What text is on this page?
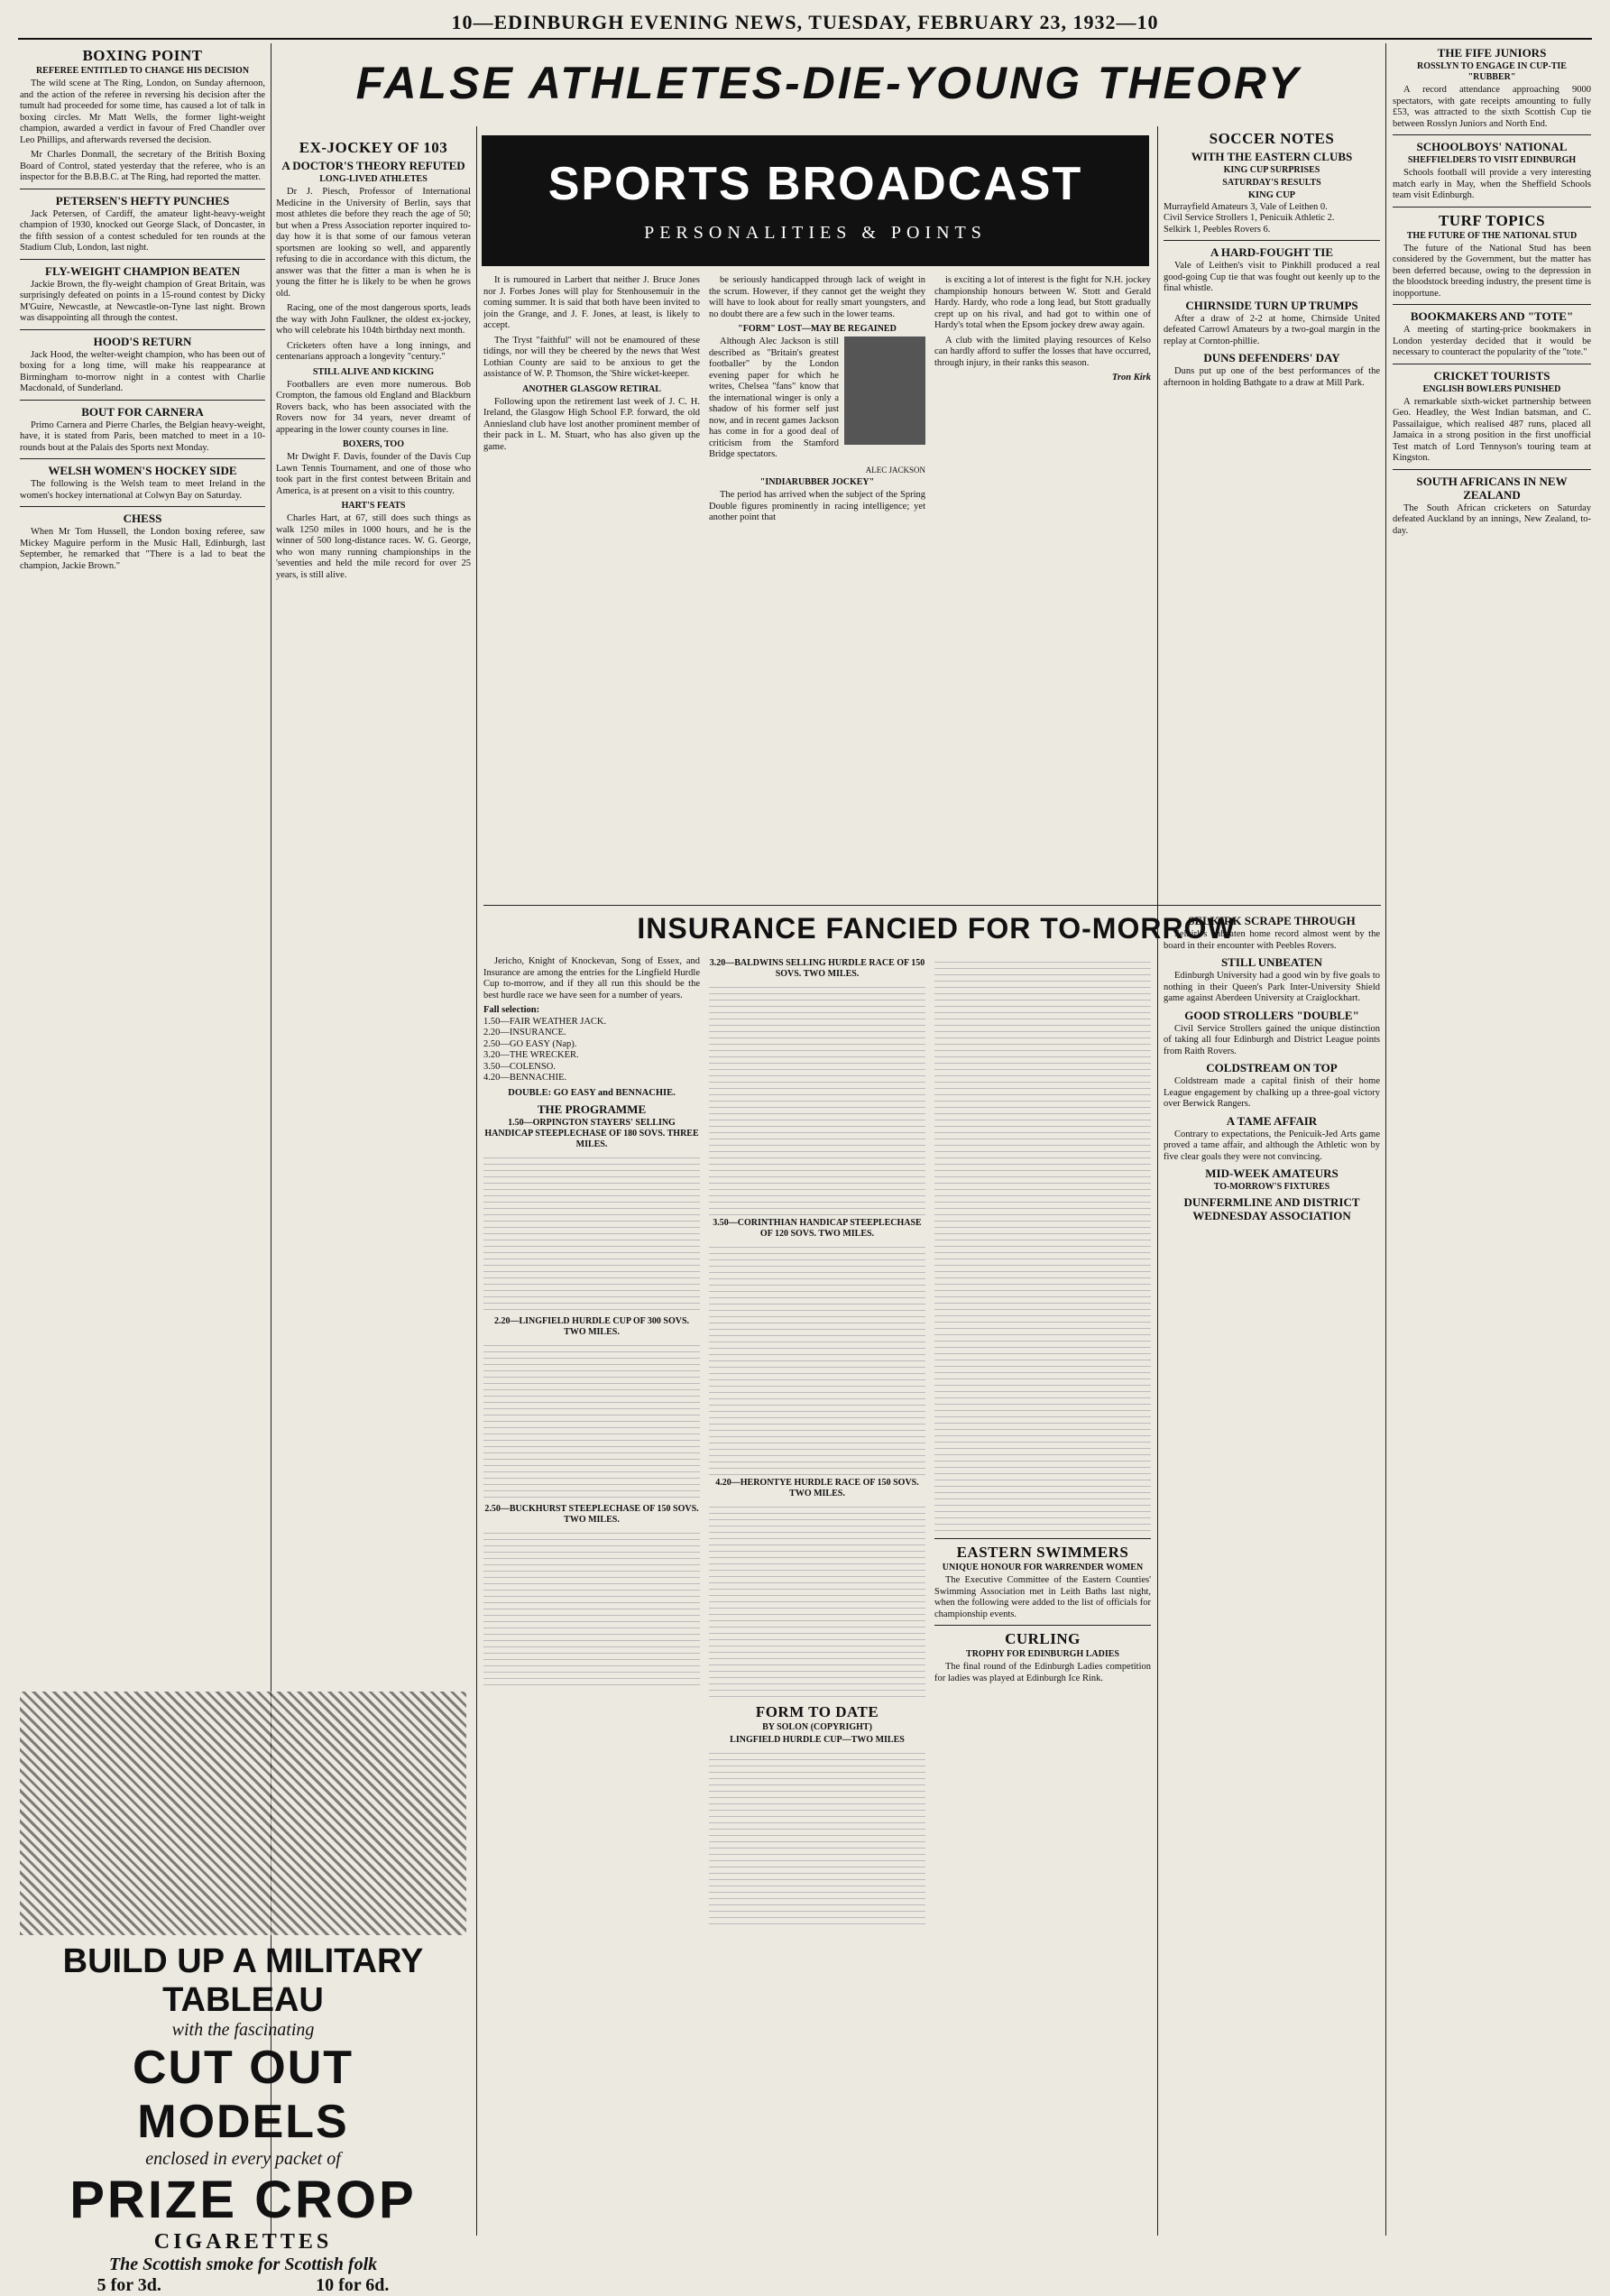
10—EDINBURGH EVENING NEWS, TUESDAY, FEBRUARY 23, 1932—10
FALSE ATHLETES-DIE-YOUNG THEORY
SPORTS BROADCAST
PERSONALITIES & POINTS
BOXING POINT
REFEREE ENTITLED TO CHANGE HIS DECISION

The wild scene at The Ring, London, on Sunday afternoon, and the action of the referee in reversing his decision after the tumult had proceeded for some time, has caused a lot of talk in boxing circles. Mr Matt Wells, the former light-weight champion, awarded a verdict in favour of Fred Chandler over Leo Phillips, and afterwards reversed the decision.

Mr Charles Donmall, the secretary of the British Boxing Board of Control, stated yesterday that the referee, who is an inspector for the B.B.B.C. at The Ring, had reported the matter.

PETERSEN'S HEFTY PUNCHES

Jack Petersen, of Cardiff, the amateur light-heavy-weight champion of 1930, knocked out George Slack, of Doncaster, in the fifth session of a contest scheduled for ten rounds at the Stadium Club, London, last night.

FLY-WEIGHT CHAMPION BEATEN

Jackie Brown, the fly-weight champion of Great Britain, was surprisingly defeated on points in a 15-round contest by Dicky M'Guire, Newcastle, at Newcastle-on-Tyne last night. Brown was disappointing all through the contest.

HOOD'S RETURN

Jack Hood, the welter-weight champion, who has been out of boxing for a long time, will make his reappearance at Birmingham to-morrow night in a contest with Charlie Macdonald, of Sunderland.

BOUT FOR CARNERA

Primo Carnera and Pierre Charles, the Belgian heavy-weight, have, it is stated from Paris, been matched to meet in a 10-rounds bout at the Palais des Sports next Monday.

WELSH WOMEN'S HOCKEY SIDE

The following is the Welsh team to meet Ireland in the women's hockey international at Colwyn Bay on Saturday.

CHESS

When Mr Tom Hussell, the London boxing referee, saw Mickey Maguire perform in the Music Hall, Edinburgh, last September, he remarked that "There is a lad to beat the champion, Jackie Brown."

EX-JOCKEY OF 103
A DOCTOR'S THEORY REFUTED
LONG-LIVED ATHLETES

Dr J. Piesch, Professor of International Medicine in the University of Berlin, says that most athletes die before they reach the age of 50; but when a Press Association reporter inquired to-day how it is that some of our famous veteran sportsmen are looking so well, and apparently refusing to die in accordance with this dictum, the answer was that the fitter a man is when he is young the fitter he is likely to be when he grows old.

Racing, one of the most dangerous sports, leads the way with John Faulkner, the oldest ex-jockey, who will celebrate his 104th birthday next month.

Cricketers often have a long innings, and centenarians approach a longevity "century."

STILL ALIVE AND KICKING

Footballers are even more numerous. Bob Crompton, the famous old England and Blackburn Rovers back, who has been associated with the Rovers now for 34 years, never dreamt of appearing in the lower county courses in line.

BOXERS, TOO

Mr Dwight F. Davis, founder of the Davis Cup Lawn Tennis Tournament, and one of those who took part in the first contest between Britain and America, is at present on a visit to this country.

HART'S FEATS

Charles Hart, at 67, still does such things as walk 1250 miles in 1000 hours, and he is the winner of 500 long-distance races. W. G. George, who won many running championships in the 'seventies and held the mile record for over 25 years, is still alive.

It is rumoured in Larbert that neither J. Bruce Jones nor J. Forbes Jones will play for Stenhousemuir in the coming summer. It is said that both have been invited to join the Grange, and J. F. Jones, at least, is likely to accept.

The Tryst "faithful" will not be enamoured of these tidings, nor will they be cheered by the news that West Lothian County are said to be anxious to get the assistance of W. P. Thomson, the 'Shire wicket-keeper.

ANOTHER GLASGOW RETIRAL

Following upon the retirement last week of J. C. H. Ireland, the Glasgow High School F.P. forward, the old Anniesland club have lost another prominent member of their pack in L. M. Stuart, who has also given up the game.

be seriously handicapped through lack of weight in the scrum. However, if they cannot get the weight they will have to look about for really smart youngsters, and no doubt there are a few such in the lower teams.

"FORM" LOST—MAY BE REGAINED

Although Alec Jackson is still described as "Britain's greatest footballer" by the London evening paper for which he writes, Chelsea "fans" know that the international winger is only a shadow of his former self just now, and in recent games Jackson has come in for a good deal of criticism from the Stamford Bridge spectators.

ALEC JACKSON
"INDIARUBBER JOCKEY"

The period has arrived when the subject of the Spring Double figures prominently in racing intelligence; yet another point that

is exciting a lot of interest is the fight for N.H. jockey championship honours between W. Stott and Gerald Hardy. Hardy, who rode a long lead, but Stott gradually crept up on his rival, and had got to within one of Hardy's total when the Epsom jockey drew away again.

A club with the limited playing resources of Kelso can hardly afford to suffer the losses that have occurred, through injury, in their ranks this season.

Tron Kirk
SOCCER NOTES
WITH THE EASTERN CLUBS
KING CUP SURPRISES
SATURDAY'S RESULTS
KING CUP
Murrayfield Amateurs 3, Vale of Leithen 0.
Civil Service Strollers 1, Penicuik Athletic 2.
Selkirk 1, Peebles Rovers 6.
A HARD-FOUGHT TIE

Vale of Leithen's visit to Pinkhill produced a real good-going Cup tie that was fought out keenly up to the final whistle.

CHIRNSIDE TURN UP TRUMPS

After a draw of 2-2 at home, Chirnside United defeated Carrowl Amateurs by a two-goal margin in the replay at Cornton-phillie.

DUNS DEFENDERS' DAY

Duns put up one of the best performances of the afternoon in holding Bathgate to a draw at Mill Park.

THE FIFE JUNIORS
ROSSLYN TO ENGAGE IN CUP-TIE "RUBBER"

A record attendance approaching 9000 spectators, with gate receipts amounting to fully £53, was attracted to the sixth Scottish Cup tie between Rosslyn Juniors and North End.

SCHOOLBOYS' NATIONAL
SHEFFIELDERS TO VISIT EDINBURGH

Schools football will provide a very interesting match early in May, when the Sheffield Schools team visit Edinburgh.

TURF TOPICS
THE FUTURE OF THE NATIONAL STUD

The future of the National Stud has been considered by the Government, but the matter has been deferred because, owing to the depression in the bloodstock breeding industry, the present time is inopportune.

BOOKMAKERS AND "TOTE"

A meeting of starting-price bookmakers in London yesterday decided that it would be necessary to counteract the popularity of the "tote."

CRICKET TOURISTS
ENGLISH BOWLERS PUNISHED

A remarkable sixth-wicket partnership between Geo. Headley, the West Indian batsman, and C. Passailaigue, which realised 487 runs, placed all Jamaica in a strong position in the first unofficial Test match of Lord Tennyson's touring team at Kingston.

SOUTH AFRICANS IN NEW ZEALAND

The South African cricketers on Saturday defeated Auckland by an innings, New Zealand, to-day.

INSURANCE FANCIED FOR TO-MORROW

Jericho, Knight of Knockevan, Song of Essex, and Insurance are among the entries for the Lingfield Hurdle Cup to-morrow, and if they all run this should be the best hurdle race we have seen for a number of years.

Fall selection:
1.50—FAIR WEATHER JACK.
2.20—INSURANCE.
2.50—GO EASY (Nap).
3.20—THE WRECKER.
3.50—COLENSO.
4.20—BENNACHIE.
DOUBLE: GO EASY and BENNACHIE.
THE PROGRAMME
1.50—ORPINGTON STAYERS' SELLING HANDICAP STEEPLECHASE OF 180 SOVS. THREE MILES.
2.20—LINGFIELD HURDLE CUP OF 300 SOVS. TWO MILES.
2.50—BUCKHURST STEEPLECHASE OF 150 SOVS. TWO MILES.
3.20—BALDWINS SELLING HURDLE RACE OF 150 SOVS. TWO MILES.
3.50—CORINTHIAN HANDICAP STEEPLECHASE OF 120 SOVS. TWO MILES.
4.20—HERONTYE HURDLE RACE OF 150 SOVS. TWO MILES.
FORM TO DATE
BY SOLON (COPYRIGHT)
LINGFIELD HURDLE CUP—TWO MILES
EASTERN SWIMMERS
UNIQUE HONOUR FOR WARRENDER WOMEN

The Executive Committee of the Eastern Counties' Swimming Association met in Leith Baths last night, when the following were added to the list of officials for championship events.

CURLING
TROPHY FOR EDINBURGH LADIES

The final round of the Edinburgh Ladies competition for ladies was played at Edinburgh Ice Rink.

SELKIRK SCRAPE THROUGH

Selkirk's unbeaten home record almost went by the board in their encounter with Peebles Rovers.

STILL UNBEATEN

Edinburgh University had a good win by five goals to nothing in their Queen's Park Inter-University Shield game against Aberdeen University at Craiglockhart.

GOOD STROLLERS "DOUBLE"

Civil Service Strollers gained the unique distinction of taking all four Edinburgh and District League points from Raith Rovers.

COLDSTREAM ON TOP

Coldstream made a capital finish of their home League engagement by chalking up a three-goal victory over Berwick Rangers.

A TAME AFFAIR

Contrary to expectations, the Penicuik-Jed Arts game proved a tame affair, and although the Athletic won by five clear goals they were not convincing.

MID-WEEK AMATEURS
TO-MORROW'S FIXTURES
DUNFERMLINE AND DISTRICT WEDNESDAY ASSOCIATION
BUILD UP A MILITARY TABLEAU
with the fascinating
CUT OUT MODELS
enclosed in every packet of
PRIZE CROP
CIGARETTES
The Scottish smoke for Scottish folk
5 for 3d.	10 for 6d.
